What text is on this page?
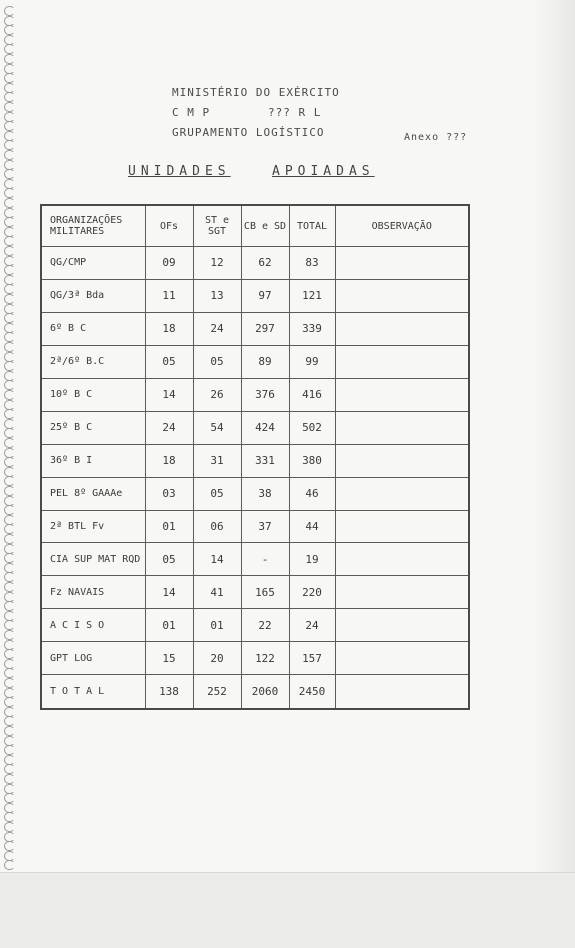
MINISTÉRIO DO EXÉRCITO
C M P	??? R L
GRUPAMENTO LOGÍSTICO	Anexo ???
UNIDADES	APOIADAS
ORGANIZAÇÕES MILITARES	OFs	ST e SGT	CB e SD	TOTAL	OBSERVAÇÃO
QG/CMP	09	12	62	83	
QG/3ª Bda	11	13	97	121	
6º B C	18	24	297	339	
2ª/6º B.C	05	05	89	99	
10º B C	14	26	376	416	
25º B C	24	54	424	502	
36º B I	18	31	331	380	
PEL 8º GAAAe	03	05	38	46	
2ª BTL Fv	01	06	37	44	
CIA SUP MAT RQD	05	14	-	19	
Fz NAVAIS	14	41	165	220	
A C I S O	01	01	22	24	
GPT LOG	15	20	122	157	
T O T A L	138	252	2060	2450	
